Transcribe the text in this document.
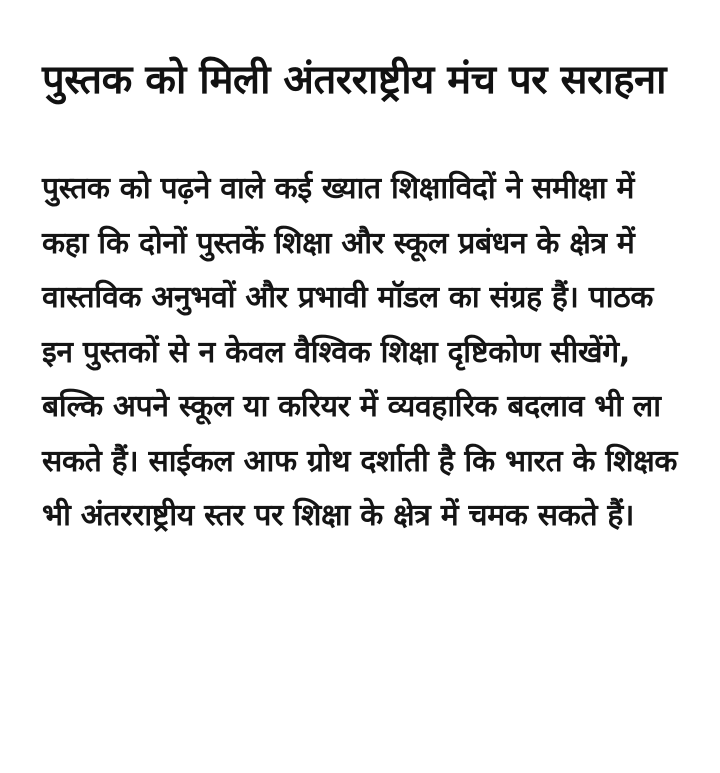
पुस्तक को मिली अंतरराष्ट्रीय मंच पर सराहना

पुस्तक को पढ़ने वाले कई ख्यात शिक्षाविदों ने समीक्षा में कहा कि दोनों पुस्तकें शिक्षा और स्कूल प्रबंधन के क्षेत्र में वास्तविक अनुभवों और प्रभावी मॉडल का संग्रह हैं। पाठक इन पुस्तकों से न केवल वैश्विक शिक्षा दृष्टिकोण सीखेंगे, बल्कि अपने स्कूल या करियर में व्यवहारिक बदलाव भी ला सकते हैं। साईकल आफ ग्रोथ दर्शाती है कि भारत के शिक्षक भी अंतरराष्ट्रीय स्तर पर शिक्षा के क्षेत्र में चमक सकते हैं।
